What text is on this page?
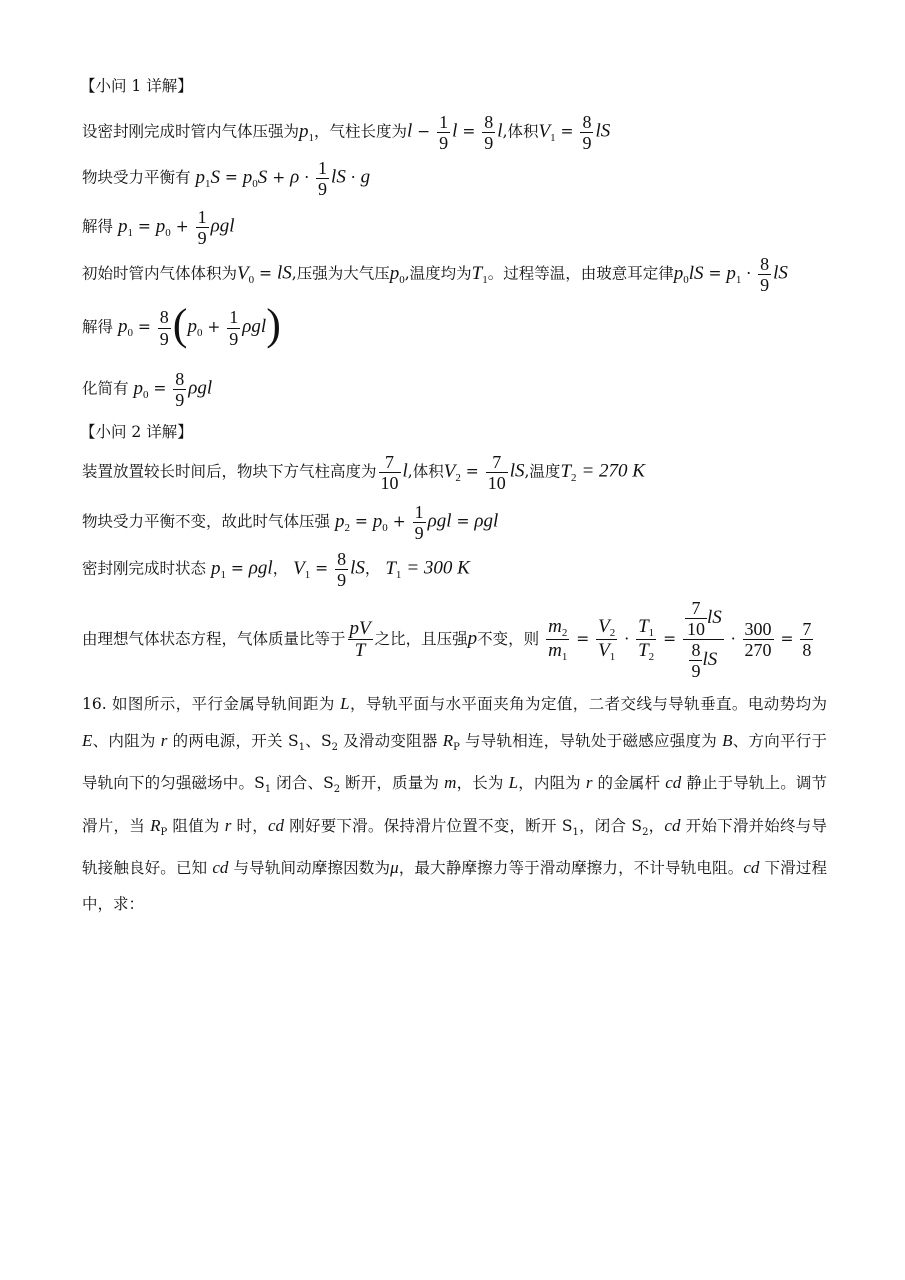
【小问 1 详解】
设密封刚完成时管内气体压强为$p_1$，气柱长度为$l - \frac{1}{9}$ $l = \frac{8}{9} l$,体积$V_1 = \frac{8}{9}$ lS
物块受力平衡有 $p_1S = p_0S + \rho \cdot \frac{1}{9}$ lS · g
解得 $p_1 = p_0 + \frac{1}{9}$ ρgl
初始时管内气体体积为$V_0$ = lS,压强为大气压$p_0$,温度均为$T_1$。过程等温，由玻意耳定律$p_0lS = p_1 \cdot \frac{8}{9}$ lS
解得 $p_0 = \frac{8}{9} (p_0 + \frac{1}{9} \rho gl)$
化简有 $p_0 = \frac{8}{9}$ ρgl
【小问 2 详解】
装置放置较长时间后，物块下方气柱高度为 $\frac{7}{10} l$,体积$V_2 = \frac{7}{10}$ lS,温度$T_2 = 270$ K
物块受力平衡不变，故此时气体压强 $p_2 = p_0 + \frac{1}{9}$ ρgl = ρgl
密封刚完成时状态 $p_1 = \rho gl$， $V_1 = \frac{8}{9}$ lS， $T_1 = 300$ K
由理想气体状态方程，气体质量比等于 $\frac{pV}{T}$ 之比，且压强p不变，则 $\frac{m_2}{m_1} = \frac{V_2}{V_1} \cdot \frac{T_1}{T_2} = \frac{\frac{7}{10} lS}{\frac{8}{9} lS} \cdot \frac{300}{270} = \frac{7}{8}$
16. 如图所示，平行金属导轨间距为 L，导轨平面与水平面夹角为定值，二者交线与导轨垂直。电动势均为 E、内阻为 r 的两电源，开关 $S_1$、$S_2$ 及滑动变阻器 $R_P$ 与导轨相连，导轨处于磁感应强度为 B、方向平行于导轨向下的匀强磁场中。$S_1$ 闭合、$S_2$ 断开，质量为 m，长为 L，内阻为 r 的金属杆 cd 静止于导轨上。调节滑片，当 $R_P$ 阻值为 r 时，cd 刚好要下滑。保持滑片位置不变，断开 $S_1$，闭合 $S_2$，cd 开始下滑并始终与导轨接触良好。已知 cd 与导轨间动摩擦因数为μ，最大静摩擦力等于滑动摩擦力，不计导轨电阻。cd 下滑过程中，求：
